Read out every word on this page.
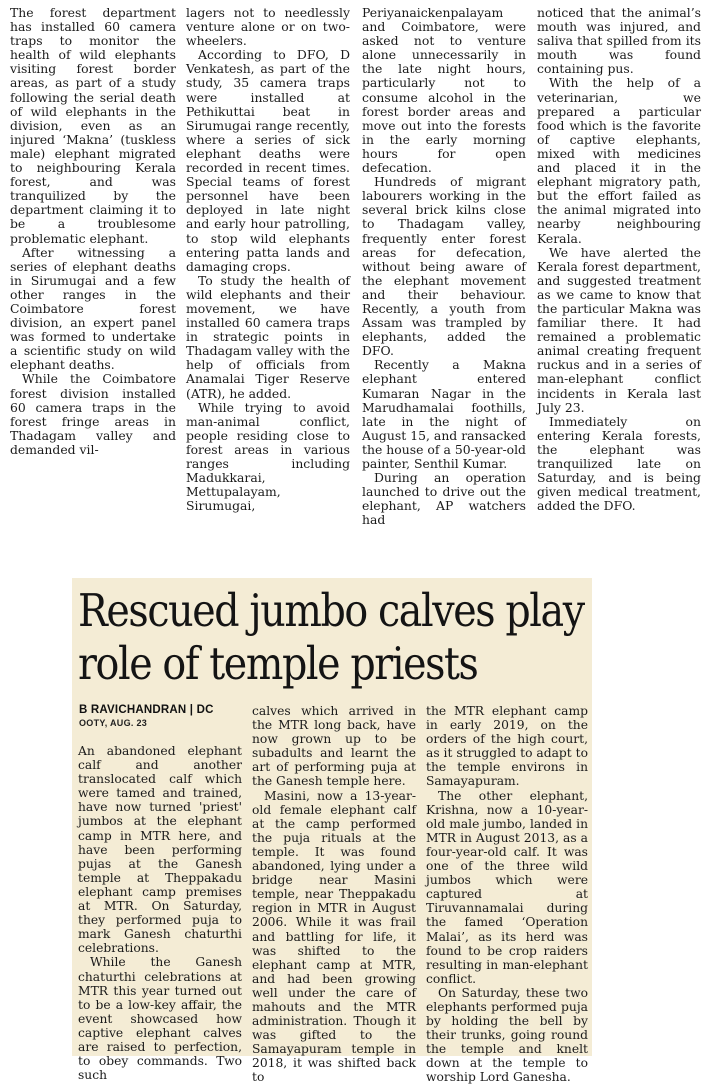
The forest department has installed 60 camera traps to monitor the health of wild elephants visiting forest border areas, as part of a study following the serial death of wild elephants in the division, even as an injured ‘Makna’ (tuskless male) elephant migrated to neighbouring Kerala forest, and was tranquilized by the department claiming it to be a troublesome problematic elephant.

After witnessing a series of elephant deaths in Sirumugai and a few other ranges in the Coimbatore forest division, an expert panel was formed to undertake a scientific study on wild elephant deaths.

While the Coimbatore forest division installed 60 camera traps in the forest fringe areas in Thadagam valley and demanded vil-

lagers not to needlessly venture alone or on two-wheelers.

According to DFO, D Venkatesh, as part of the study, 35 camera traps were installed at Pethikuttai beat in Sirumugai range recently, where a series of sick elephant deaths were recorded in recent times. Special teams of forest personnel have been deployed in late night and early hour patrolling, to stop wild elephants entering patta lands and damaging crops.

To study the health of wild elephants and their movement, we have installed 60 camera traps in strategic points in Thadagam valley with the help of officials from Anamalai Tiger Reserve (ATR), he added.

While trying to avoid man-animal conflict, people residing close to forest areas in various ranges including Madukkarai, Mettupalayam, Sirumugai,

Periyanaickenpalayam and Coimbatore, were asked not to venture alone unnecessarily in the late night hours, particularly not to consume alcohol in the forest border areas and move out into the forests in the early morning hours for open defecation.

Hundreds of migrant labourers working in the several brick kilns close to Thadagam valley, frequently enter forest areas for defecation, without being aware of the elephant movement and their behaviour. Recently, a youth from Assam was trampled by elephants, added the DFO.

Recently a Makna elephant entered Kumaran Nagar in the Marudhamalai foothills, late in the night of August 15, and ransacked the house of a 50-year-old painter, Senthil Kumar.

During an operation launched to drive out the elephant, AP watchers had

noticed that the animal’s mouth was injured, and saliva that spilled from its mouth was found containing pus.

With the help of a veterinarian, we prepared a particular food which is the favorite of captive elephants, mixed with medicines and placed it in the elephant migratory path, but the effort failed as the animal migrated into nearby neighbouring Kerala.

We have alerted the Kerala forest department, and suggested treatment as we came to know that the particular Makna was familiar there. It had remained a problematic animal creating frequent ruckus and in a series of man-elephant conflict incidents in Kerala last July 23.

Immediately on entering Kerala forests, the elephant was tranquilized late on Saturday, and is being given medical treatment, added the DFO.

Rescued jumbo calves play
role of temple priests
B RAVICHANDRAN | DC
OOTY, AUG. 23

An abandoned elephant calf and another translocated calf which were tamed and trained, have now turned 'priest' jumbos at the elephant camp in MTR here, and have been performing pujas at the Ganesh temple at Theppakadu elephant camp premises at MTR. On Saturday, they performed puja to mark Ganesh chaturthi celebrations.

While the Ganesh chaturthi celebrations at MTR this year turned out to be a low-key affair, the event showcased how captive elephant calves are raised to perfection, to obey commands. Two such

calves which arrived in the MTR long back, have now grown up to be subadults and learnt the art of performing puja at the Ganesh temple here.

Masini, now a 13-year-old female elephant calf at the camp performed the puja rituals at the temple. It was found abandoned, lying under a bridge near Masini temple, near Theppakadu region in MTR in August 2006. While it was frail and battling for life, it was shifted to the elephant camp at MTR, and had been growing well under the care of mahouts and the MTR administration. Though it was gifted to the Samayapuram temple in 2018, it was shifted back to

the MTR elephant camp in early 2019, on the orders of the high court, as it struggled to adapt to the temple environs in Samayapuram.

The other elephant, Krishna, now a 10-year-old male jumbo, landed in MTR in August 2013, as a four-year-old calf. It was one of the three wild jumbos which were captured at Tiruvannamalai during the famed ‘Operation Malai’, as its herd was found to be crop raiders resulting in man-elephant conflict.

On Saturday, these two elephants performed puja by holding the bell by their trunks, going round the temple and knelt down at the temple to worship Lord Ganesha.
